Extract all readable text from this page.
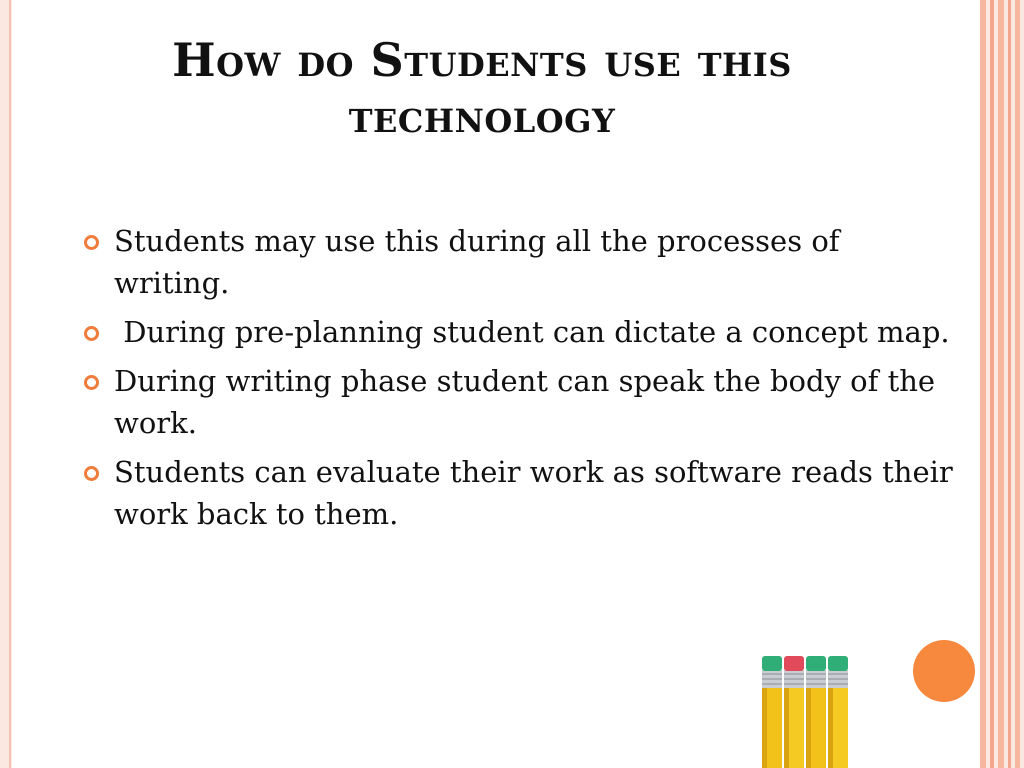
How do Students use this technology
Students may use this during all the processes of writing.
During pre-planning student can dictate a concept map.
During writing phase student can speak the body of the work.
Students can evaluate their work as software reads their work back to them.
